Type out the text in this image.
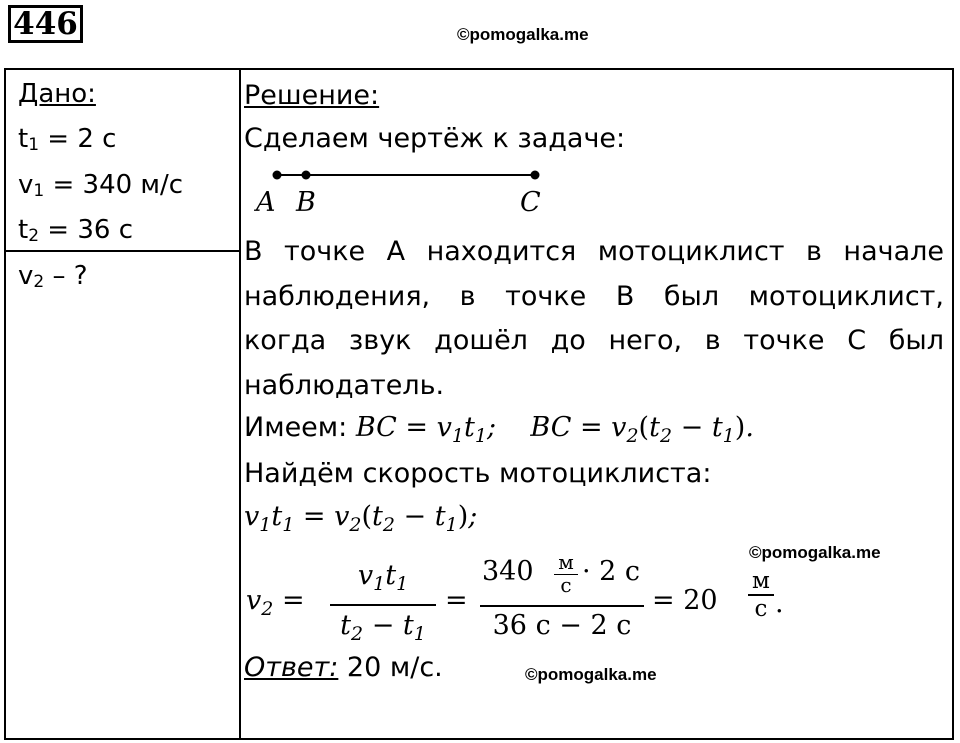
446	©pomogalka.me
Дано:
$t_1 = 2$ с
$v_1 = 340$ м/с
$t_2 = 36$ с
$v_2$ – ?
Решение:
Сделаем чертёж к задаче:
A B	C
В точке А находится мотоциклист в начале
наблюдения, в точке В был мотоциклист,
когда звук дошёл до него, в точке С был
наблюдатель.
Имеем: BC = $v_1t_1$; BC = $v_2(t_2 - t_1)$.
Найдём скорость мотоциклиста:
$v_1t_1 = v_2(t_2 - t_1)$;
©pomogalka.me
$v_2$ =
$v_1t_1$
$t_2 - t_1$
=
340 м
с · 2 с
36 с − 2 с
= 20
м
с .
Ответ: 20 м/с.	©pomogalka.me
